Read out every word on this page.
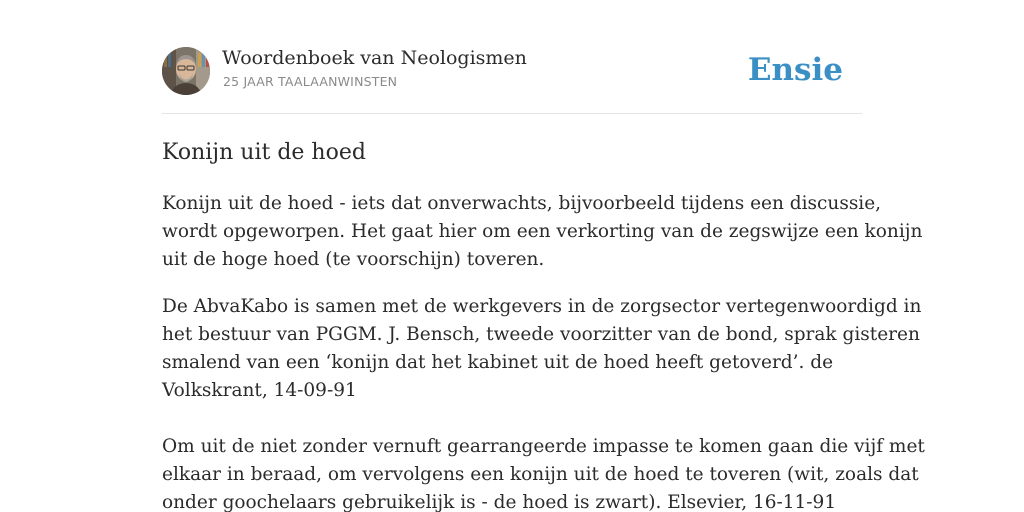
Woordenboek van Neologismen
25 JAAR TAALAANWINSTEN	Ensie
Konijn uit de hoed

Konijn uit de hoed - iets dat onverwachts, bijvoorbeeld tijdens een discussie,
wordt opgeworpen. Het gaat hier om een verkorting van de zegswijze een konijn
uit de hoge hoed (te voorschijn) toveren.

De AbvaKabo is samen met de werkgevers in de zorgsector vertegenwoordigd in
het bestuur van PGGM. J. Bensch, tweede voorzitter van de bond, sprak gisteren
smalend van een ‘konijn dat het kabinet uit de hoed heeft getoverd’. de
Volkskrant, 14-09-91

Om uit de niet zonder vernuft gearrangeerde impasse te komen gaan die vijf met
elkaar in beraad, om vervolgens een konijn uit de hoed te toveren (wit, zoals dat
onder goochelaars gebruikelijk is - de hoed is zwart). Elsevier, 16-11-91
